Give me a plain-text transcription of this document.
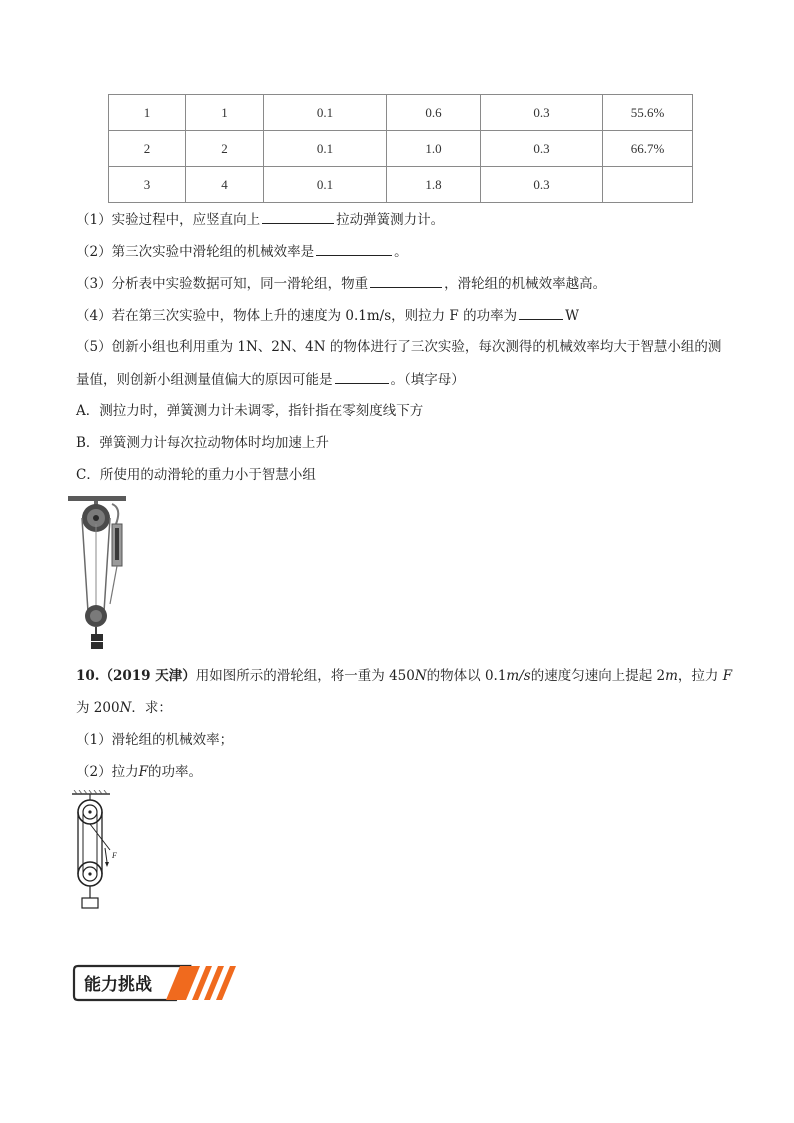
1	1	0.1	0.6	0.3	55.6%
2	2	0.1	1.0	0.3	66.7%
3	4	0.1	1.8	0.3	
（1）实验过程中，应竖直向上	拉动弹簧测力计。
（2）第三次实验中滑轮组的机械效率是	。
（3）分析表中实验数据可知，同一滑轮组，物重	，滑轮组的机械效率越高。
（4）若在第三次实验中，物体上升的速度为 0.1m/s，则拉力 F 的功率为	W
（5）创新小组也利用重为 1N、2N、4N 的物体进行了三次实验，每次测得的机械效率均大于智慧小组的测
量值，则创新小组测量值偏大的原因可能是	。（填字母）
A．测拉力时，弹簧测力计未调零，指针指在零刻度线下方
B．弹簧测力计每次拉动物体时均加速上升
C．所使用的动滑轮的重力小于智慧小组
10.（2019 天津）用如图所示的滑轮组，将一重为 450N的物体以 0.1m/s的速度匀速向上提起 2m，拉力 F
为 200N．求：
（1）滑轮组的机械效率；
（2）拉力F的功率。
F
能力挑战
